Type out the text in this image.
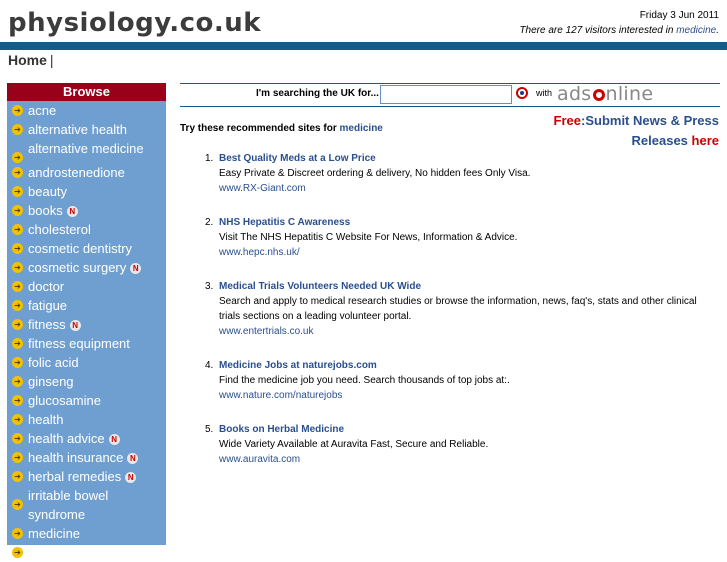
physiology.co.uk	Friday 3 Jun 2011
There are 127 visitors interested in medicine.
Home |
Browse
➔ acne
➔ alternative health
➔
alternative medicine
➔ androstenedione
➔ beauty
➔ books N
➔ cholesterol
➔ cosmetic dentistry
➔ cosmetic surgery N
➔ doctor
➔ fatigue
➔ fitness N
➔ fitness equipment
➔ folic acid
➔ ginseng
➔ glucosamine
➔ health
➔ health advice N
➔ health insurance N
➔ herbal remedies N
➔
irritable bowel syndrome
➔ medicine
➔ nutrition
I'm searching the UK for...	with ads nline
Free:Submit News & Press
Releases here
Try these recommended sites for medicine
1. Best Quality Meds at a Low Price
Easy Private & Discreet ordering & delivery, No hidden fees Only Visa.
www.RX-Giant.com
2. NHS Hepatitis C Awareness
Visit The NHS Hepatitis C Website For News, Information & Advice.
www.hepc.nhs.uk/
3. Medical Trials Volunteers Needed UK Wide
Search and apply to medical research studies or browse the information, news, faq's, stats and other clinical trials sections on a leading volunteer portal.
www.entertrials.co.uk
4. Medicine Jobs at naturejobs.com
Find the medicine job you need. Search thousands of top jobs at:.
www.nature.com/naturejobs
5. Books on Herbal Medicine
Wide Variety Available at Auravita Fast, Secure and Reliable.
www.auravita.com
